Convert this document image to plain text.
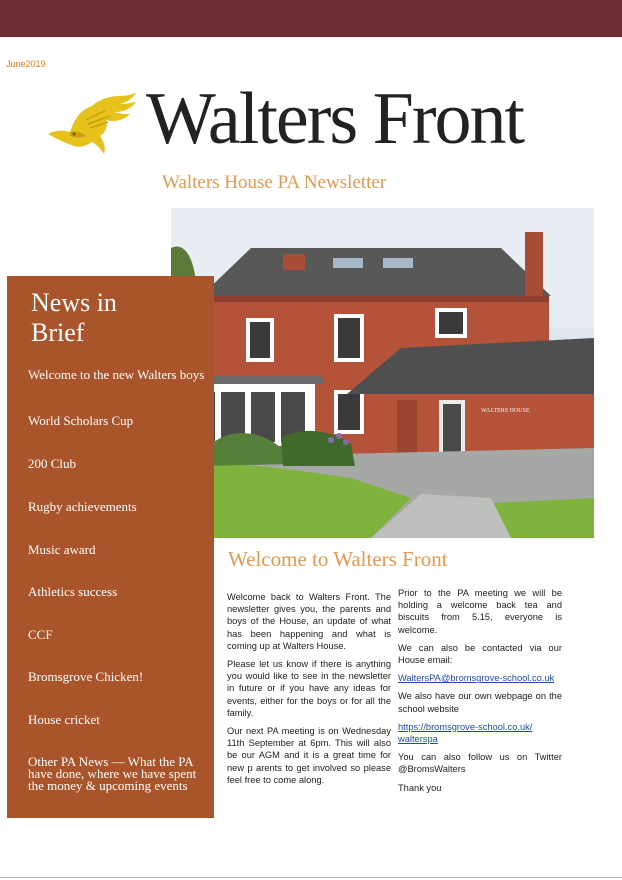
June2019
Walters Front
Walters House PA Newsletter
WALTERS HOUSE
News in Brief
Welcome to the new Walters boys
World Scholars Cup
200 Club
Rugby achievements
Music award
Athletics success
CCF
Bromsgrove Chicken!
House cricket
Other PA News — What the PA have done, where we have spent the money & upcoming events
Welcome to Walters Front

Welcome back to Walters Front. The newsletter gives you, the parents and boys of the House, an update of what has been happening and what is coming up at Walters House.

Please let us know if there is anything you would like to see in the newsletter in future or if you have any ideas for events, either for the boys or for all the family.

Our next PA meeting is on Wednesday 11th September at 6pm. This will also be our AGM and it is a great time for new p arents to get involved so please feel free to come along.

Prior to the PA meeting we will be holding a welcome back tea and biscuits from 5.15, everyone is welcome.

We can also be contacted via our House email:

WaltersPA@bromsgrove-school.co.uk

We also have our own webpage on the school website

https://bromsgrove-school.co.uk/
walterspa

You can also follow us on Twitter @BromsWalters

Thank you
